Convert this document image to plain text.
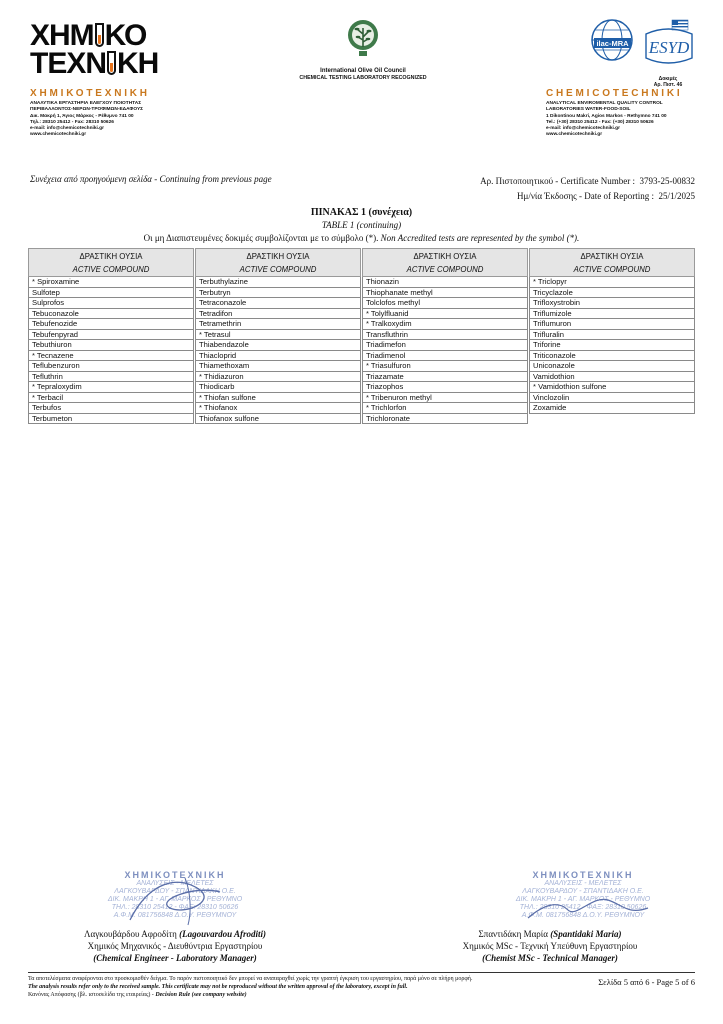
ΧΗΜ ΚΟ
ΤΕΧΝ ΚΗ
ΧΗΜΙΚΟΤΕΧΝΙΚΗ
ΑΝΑΛΥΤΙΚΑ ΕΡΓΑΣΤΗΡΙΑ ΕΛΕΓΧΟΥ ΠΟΙΟΤΗΤΑΣ
ΠΕΡΙΒΑΛΛΟΝΤΟΣ-ΝΕΡΩΝ-ΤΡΟΦΙΜΩΝ-ΕΔΑΦΟΥΣ
Δικ. Μακρή 1, Άγιος Μάρκος - Ρέθυμνο 741 00
Τηλ.: 28310 25412 - Fax: 28310 50626
e-mail: info@chemicotechniki.gr
www.chemicotechniki.gr
International Olive Oil Council
CHEMICAL TESTING LABORATORY RECOGNIZED
ilac-MRA ESYD
Δοκιμές
Αρ. Πιστ. 46
CHEMICOTECHNIKI
ANALYTICAL ENVIROMENTAL QUALITY CONTROL
LABORATORIES WATER-FOOD-SOIL
1 Dikontinou Makri, Agios Markos - Rethymno 741 00
Tel.: (+30) 28310 25412 - Fax: (+30) 28310 50626
e-mail: info@chemicotechniki.gr
www.chemicotechniki.gr
Συνέχεια από προηγούμενη σελίδα - Continuing from previous page	Αρ. Πιστοποιητικού - Certificate Number : 3793-25-00832
Ημ/νία Έκδοσης - Date of Reporting : 25/1/2025
ΠΙΝΑΚΑΣ 1 (συνέχεια)
TABLE 1 (continuing)
Οι μη Διαπιστευμένες δοκιμές συμβολίζονται με το σύμβολο (*). Non Accredited tests are represented by the symbol (*).
ΔΡΑΣΤΙΚΗ ΟΥΣΙΑ
ACTIVE COMPOUND
* Spiroxamine
Sulfotep
Sulprofos
Tebuconazole
Tebufenozide
Tebufenpyrad
Tebuthiuron
* Tecnazene
Teflubenzuron
Tefluthrin
* Tepraloxydim
* Terbacil
Terbufos
Terbumeton
ΔΡΑΣΤΙΚΗ ΟΥΣΙΑ
ACTIVE COMPOUND
Terbuthylazine
Terbutryn
Tetraconazole
Tetradifon
Tetramethrin
* Tetrasul
Thiabendazole
Thiacloprid
Thiamethoxam
* Thidiazuron
Thiodicarb
* Thiofan sulfone
* Thiofanox
Thiofanox sulfone
ΔΡΑΣΤΙΚΗ ΟΥΣΙΑ
ACTIVE COMPOUND
Thionazin
Thiophanate methyl
Tolclofos methyl
* Tolylfluanid
* Tralkoxydim
Transfluthrin
Triadimefon
Triadimenol
* Triasulfuron
Triazamate
Triazophos
* Tribenuron methyl
* Trichlorfon
Trichloronate
ΔΡΑΣΤΙΚΗ ΟΥΣΙΑ
ACTIVE COMPOUND
* Triclopyr
Tricyclazole
Trifloxystrobin
Triflumizole
Triflumuron
Trifluralin
Triforine
Triticonazole
Uniconazole
Vamidothion
* Vamidothion sulfone
Vinclozolin
Zoxamide
ΧΗΜΙΚΟΤΕΧΝΙΚΗ
ΑΝΑΛΥΣΕΙΣ - ΜΕΛΕΤΕΣ
ΛΑΓΚΟΥΒΑΡΔΟΥ - ΣΠΑΝΤΙΔΑΚΗ Ο.Ε.
ΔΙΚ. ΜΑΚΡΗ 1 - ΑΓ. ΜΑΡΚΟΣ - ΡΕΘΥΜΝΟ
ΤΗΛ.: 28310 25412 - ΦΑΞ: 28310 50626
Α.Φ.Μ. 081756848 Δ.Ο.Υ. ΡΕΘΥΜΝΟΥ
ΧΗΜΙΚΟΤΕΧΝΙΚΗ
ΑΝΑΛΥΣΕΙΣ - ΜΕΛΕΤΕΣ
ΛΑΓΚΟΥΒΑΡΔΟΥ - ΣΠΑΝΤΙΔΑΚΗ Ο.Ε.
ΔΙΚ. ΜΑΚΡΗ 1 - ΑΓ. ΜΑΡΚΟΣ - ΡΕΘΥΜΝΟ
ΤΗΛ.: 28310 25412 - ΦΑΞ: 28310 50626
Α.Φ.Μ. 081756848 Δ.Ο.Υ. ΡΕΘΥΜΝΟΥ
Λαγκουβάρδου Αφροδίτη (Lagouvardou Afroditi)
Χημικός Μηχανικός - Διευθύντρια Εργαστηρίου
(Chemical Engineer - Laboratory Manager)
Σπαντιδάκη Μαρία (Spantidaki Maria)
Χημικός MSc - Τεχνική Υπεύθυνη Εργαστηρίου
(Chemist MSc - Technical Manager)
Τα αποτελέσματα αναφέρονται στο προσκομισθέν δείγμα. Το παρόν πιστοποιητικό δεν μπορεί να αναπαραχθεί χωρίς την γραπτή έγκριση του εργαστηρίου, παρά μόνο σε πλήρη μορφή.
The analysis results refer only to the received sample. This certificate may not be reproduced without the written approval of the laboratory, except in full.
Κανόνας Απόφασης (βλ. ιστοσελίδα της εταιρείας) - Decision Rule (see company website)
Σελίδα 5 από 6 - Page 5 of 6
